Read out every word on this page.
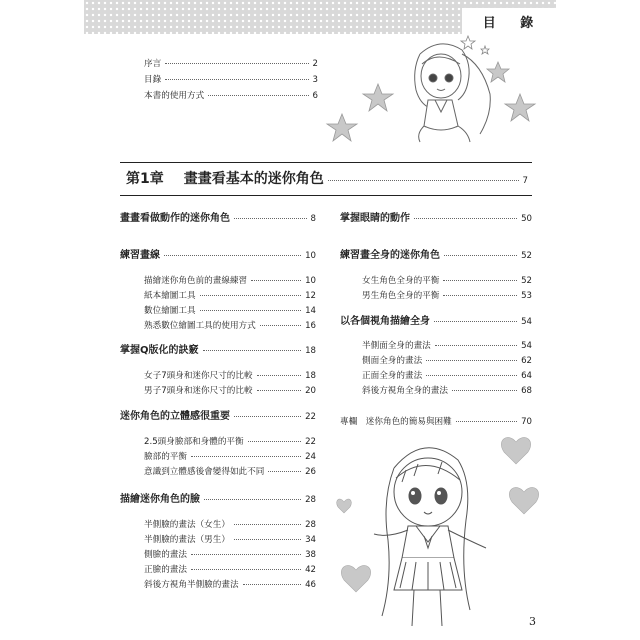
目 錄
序言	2
目錄	3
本書的使用方式	6
第1章 畫畫看基本的迷你角色	7
畫畫看做動作的迷你角色	8
練習畫線	10
描繪迷你角色前的畫線練習	10
紙本繪圖工具	12
數位繪圖工具	14
熟悉數位繪圖工具的使用方式	16
掌握Q版化的訣竅	18
女子7頭身和迷你尺寸的比較	18
男子7頭身和迷你尺寸的比較	20
迷你角色的立體感很重要	22
2.5頭身臉部和身體的平衡	22
臉部的平衡	24
意識到立體感後會變得如此不同	26
描繪迷你角色的臉	28
半側臉的畫法（女生）	28
半側臉的畫法（男生）	34
側臉的畫法	38
正臉的畫法	42
斜後方視角半側臉的畫法	46
掌握眼睛的動作	50
練習畫全身的迷你角色	52
女生角色全身的平衡	52
男生角色全身的平衡	53
以各個視角描繪全身	54
半側面全身的畫法	54
側面全身的畫法	62
正面全身的畫法	64
斜後方視角全身的畫法	68
專欄　迷你角色的簡易與困難	70
3
